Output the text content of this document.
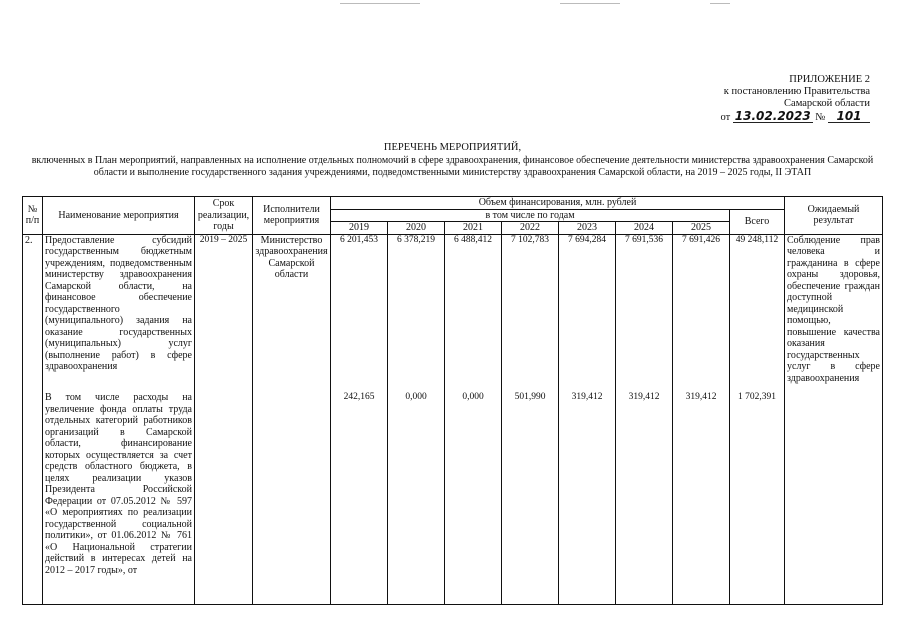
ПРИЛОЖЕНИЕ 2
к постановлению Правительства
Самарской области
от 13.02.2023 № 101
ПЕРЕЧЕНЬ МЕРОПРИЯТИЙ,
включенных в План мероприятий, направленных на исполнение отдельных полномочий в сфере здравоохранения, финансовое обеспечение деятельности министерства здравоохранения Самарской области и выполнение государственного задания учреждениями, подведомственными министерству здравоохранения Самарской области, на 2019 – 2025 годы, II ЭТАП
№ п/п	Наименование мероприятия	Срок реализации, годы	Исполнители мероприятия	Объем финансирования, млн. рублей								Ожидаемый результат
				в том числе по годам							Всего	
				2019	2020	2021	2022	2023	2024	2025		
2.	Предоставление субсидий государственным бюджетным учреждениям, подведомственным министерству здравоохранения Самарской области, на финансовое обеспечение государственного (муниципального) задания на оказание государственных (муниципальных) услуг (выполнение работ) в сфере здравоохранения	2019 – 2025	Министерство здравоохранения Самарской области	6 201,453	6 378,219	6 488,412	7 102,783	7 694,284	7 691,536	7 691,426	49 248,112	Соблюдение прав человека и гражданина в сфере охраны здоровья, обеспечение граждан доступной медицинской помощью, повышение качества оказания государственных услуг в сфере здравоохранения
	В том числе расходы на увеличение фонда оплаты труда отдельных категорий работников организаций в Самарской области, финансирование которых осуществляется за счет средств областного бюджета, в целях реализации указов Президента Российской Федерации от 07.05.2012 № 597 «О мероприятиях по реализации государственной социальной политики», от 01.06.2012 № 761 «О Национальной стратегии действий в интересах детей на 2012 – 2017 годы», от			242,165	0,000	0,000	501,990	319,412	319,412	319,412	1 702,391	
